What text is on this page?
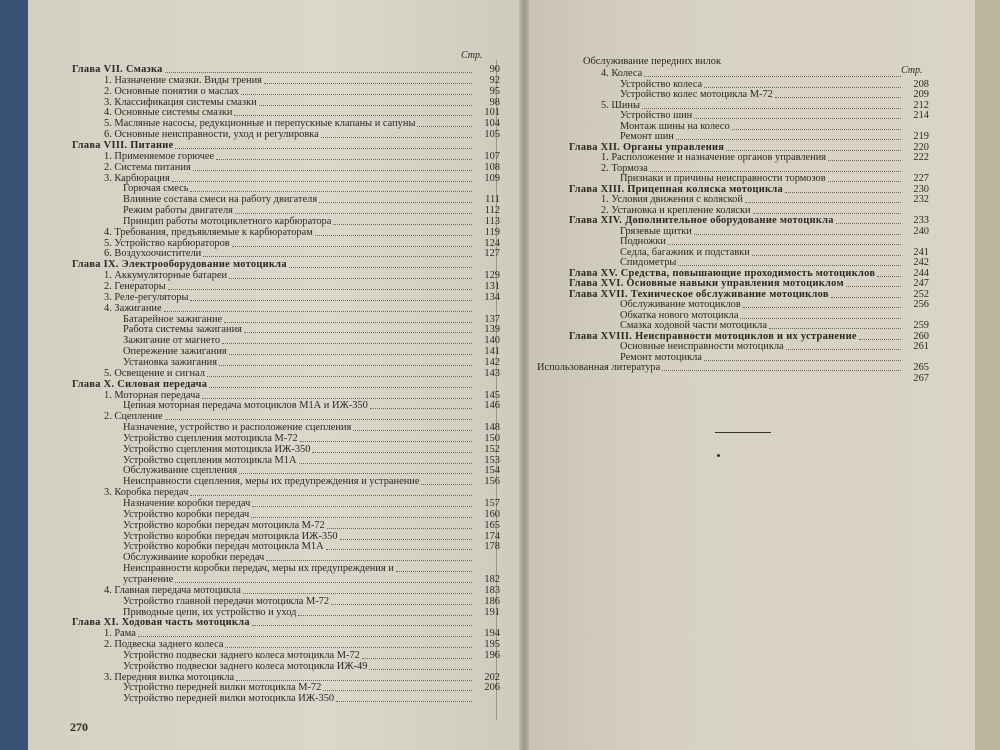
Стр.
Глава VII. Смазка	90
1. Назначение смазки. Виды трения	92
2. Основные понятия о маслах	95
3. Классификация системы смазки	98
4. Основные системы смазки	101
5. Масляные насосы, редукционные и перепускные клапаны и сапуны	104
6. Основные неисправности, уход и регулировка	105
Глава VIII. Питание
1. Применяемое горючее	107
2. Система питания	108
3. Карбюрация	109
Горючая смесь
Влияние состава смеси на работу двигателя	111
Режим работы двигателя	112
Принцип работы мотоциклетного карбюратора	113
4. Требования, предъявляемые к карбюраторам	119
5. Устройство карбюраторов	124
6. Воздухоочистители	127
Глава IX. Электрооборудование мотоцикла
1. Аккумуляторные батареи	129
2. Генераторы	131
3. Реле-регуляторы	134
4. Зажигание
Батарейное зажигание	137
Работа системы зажигания	139
Зажигание от магнето	140
Опережение зажигания	141
Установка зажигания	142
5. Освещение и сигнал	143
Глава X. Силовая передача
1. Моторная передача	145
Цепная моторная передача мотоциклов М1А и ИЖ-350	146
2. Сцепление
Назначение, устройство и расположение сцепления	148
Устройство сцепления мотоцикла М-72	150
Устройство сцепления мотоцикла ИЖ-350	152
Устройство сцепления мотоцикла М1А	153
Обслуживание сцепления	154
Неисправности сцепления, меры их предупреждения и устранение	156
3. Коробка передач
Назначение коробки передач	157
Устройство коробки передач	160
Устройство коробки передач мотоцикла М-72	165
Устройство коробки передач мотоцикла ИЖ-350	174
Устройство коробки передач мотоцикла М1А	178
Обслуживание коробки передач
Неисправности коробки передач, меры их предупреждения и
устранение	182
4. Главная передача мотоцикла	183
Устройство главной передачи мотоцикла М-72	186
Приводные цепи, их устройство и уход	191
Глава XI. Ходовая часть мотоцикла
1. Рама	194
2. Подвеска заднего колеса	195
Устройство подвески заднего колеса мотоцикла М-72	196
Устройство подвески заднего колеса мотоцикла ИЖ-49
3. Передняя вилка мотоцикла	202
Устройство передней вилки мотоцикла М-72	206
Устройство передней вилки мотоцикла ИЖ-350
270
Обслуживание передних вилок
Стр.
4. Колеса
Устройство колеса	208
Устройство колес мотоцикла М-72	209
5. Шины	212
Устройство шин	214
Монтаж шины на колесо
Ремонт шин	219
Глава XII. Органы управления	220
1. Расположение и назначение органов управления	222
2. Тормоза
Признаки и причины неисправности тормозов	227
Глава XIII. Прицепная коляска мотоцикла	230
1. Условия движения с коляской	232
2. Установка и крепление коляски
Глава XIV. Дополнительное оборудование мотоцикла	233
Грязевые щитки	240
Подножки
Седла, багажник и подставки	241
Спидометры	242
Глава XV. Средства, повышающие проходимость мотоциклов	244
Глава XVI. Основные навыки управления мотоциклом	247
Глава XVII. Техническое обслуживание мотоциклов	252
Обслуживание мотоциклов	256
Обкатка нового мотоцикла
Смазка ходовой части мотоцикла	259
Глава XVIII. Неисправности мотоциклов и их устранение	260
Основные неисправности мотоцикла	261
Ремонт мотоцикла
Использованная литература	265
267
